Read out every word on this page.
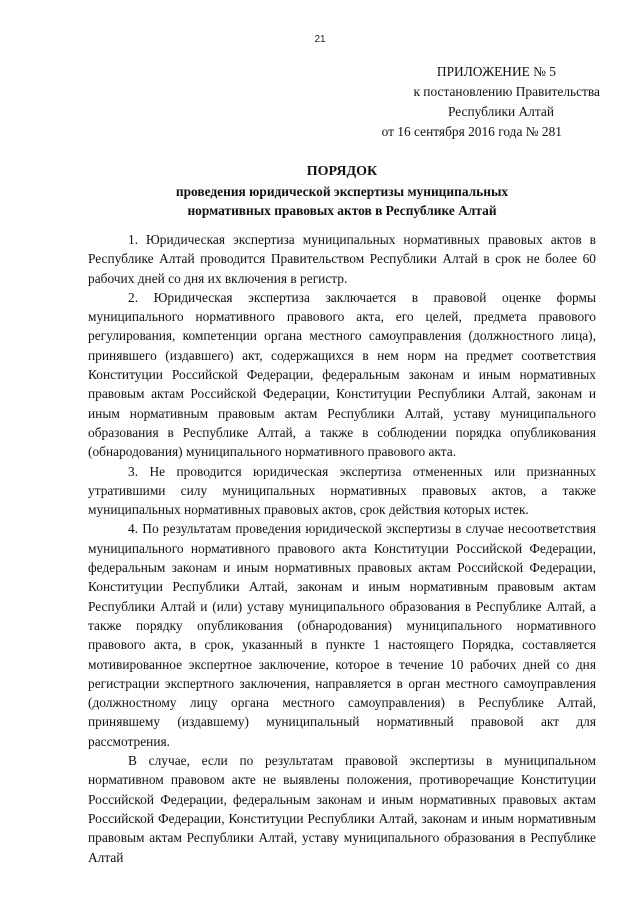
21
ПРИЛОЖЕНИЕ № 5
к постановлению Правительства
Республики Алтай
от 16 сентября 2016 года № 281
ПОРЯДОК
проведения юридической экспертизы муниципальных
нормативных правовых актов в Республике Алтай

1. Юридическая экспертиза муниципальных нормативных правовых актов в Республике Алтай проводится Правительством Республики Алтай в срок не более 60 рабочих дней со дня их включения в регистр.

2. Юридическая экспертиза заключается в правовой оценке формы муниципального нормативного правового акта, его целей, предмета правового регулирования, компетенции органа местного самоуправления (должностного лица), принявшего (издавшего) акт, содержащихся в нем норм на предмет соответствия Конституции Российской Федерации, федеральным законам и иным нормативных правовым актам Российской Федерации, Конституции Республики Алтай, законам и иным нормативным правовым актам Республики Алтай, уставу муниципального образования в Республике Алтай, а также в соблюдении порядка опубликования (обнародования) муниципального нормативного правового акта.

3. Не проводится юридическая экспертиза отмененных или признанных утратившими силу муниципальных нормативных правовых актов, а также муниципальных нормативных правовых актов, срок действия которых истек.

4. По результатам проведения юридической экспертизы в случае несоответствия муниципального нормативного правового акта Конституции Российской Федерации, федеральным законам и иным нормативных правовых актам Российской Федерации, Конституции Республики Алтай, законам и иным нормативным правовым актам Республики Алтай и (или) уставу муниципального образования в Республике Алтай, а также порядку опубликования (обнародования) муниципального нормативного правового акта, в срок, указанный в пункте 1 настоящего Порядка, составляется мотивированное экспертное заключение, которое в течение 10 рабочих дней со дня регистрации экспертного заключения, направляется в орган местного самоуправления (должностному лицу органа местного самоуправления) в Республике Алтай, принявшему (издавшему) муниципальный нормативный правовой акт для рассмотрения.

В случае, если по результатам правовой экспертизы в муниципальном нормативном правовом акте не выявлены положения, противоречащие Конституции Российской Федерации, федеральным законам и иным нормативных правовых актам Российской Федерации, Конституции Республики Алтай, законам и иным нормативным правовым актам Республики Алтай, уставу муниципального образования в Республике Алтай
